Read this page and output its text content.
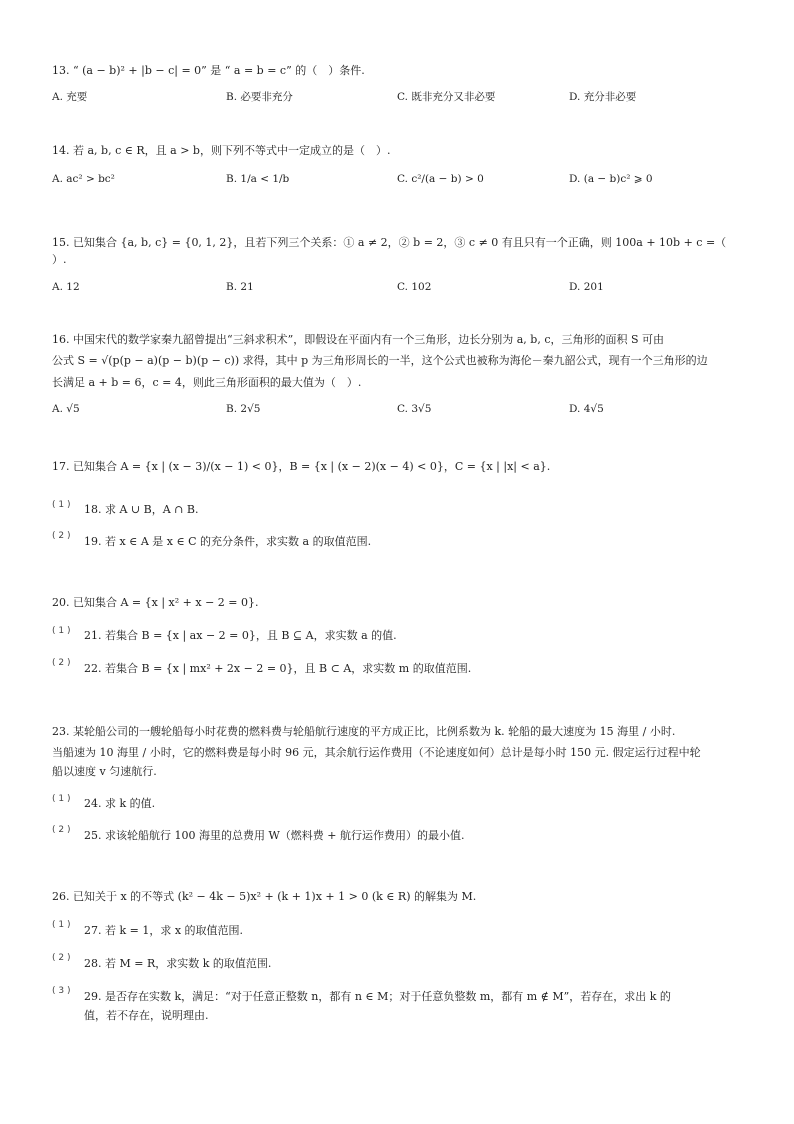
13. “ (a − b)² + |b − c| = 0” 是 “ a = b = c” 的（　）条件.
A. 充要	B. 必要非充分	C. 既非充分又非必要	D. 充分非必要
14. 若 a, b, c ∈ R，且 a > b，则下列不等式中一定成立的是（　）.
A. ac² > bc²	B. 1/a < 1/b	C. c²/(a − b) > 0	D. (a − b)c² ⩾ 0
15. 已知集合 {a, b, c} = {0, 1, 2}，且若下列三个关系：① a ≠ 2，② b = 2，③ c ≠ 0 有且只有一个正确，则 100a + 10b + c =（
）.
A. 12	B. 21	C. 102	D. 201
16. 中国宋代的数学家秦九韶曾提出“三斜求积术”，即假设在平面内有一个三角形，边长分别为 a, b, c，三角形的面积 S 可由
公式 S = √(p(p − a)(p − b)(p − c)) 求得，其中 p 为三角形周长的一半，这个公式也被称为海伦－秦九韶公式，现有一个三角形的边
长满足 a + b = 6，c = 4，则此三角形面积的最大值为（　）.
A. √5	B. 2√5	C. 3√5	D. 4√5
17. 已知集合 A = {x | (x − 3)/(x − 1) < 0}，B = {x | (x − 2)(x − 4) < 0}，C = {x | |x| < a}.
( 1 ) 18. 求 A ∪ B，A ∩ B.
( 2 ) 19. 若 x ∈ A 是 x ∈ C 的充分条件，求实数 a 的取值范围.
20. 已知集合 A = {x | x² + x − 2 = 0}.
( 1 ) 21. 若集合 B = {x | ax − 2 = 0}，且 B ⊆ A，求实数 a 的值.
( 2 ) 22. 若集合 B = {x | mx² + 2x − 2 = 0}，且 B ⊂ A，求实数 m 的取值范围.
23. 某轮船公司的一艘轮船每小时花费的燃料费与轮船航行速度的平方成正比，比例系数为 k. 轮船的最大速度为 15 海里 / 小时.
当船速为 10 海里 / 小时，它的燃料费是每小时 96 元，其余航行运作费用（不论速度如何）总计是每小时 150 元. 假定运行过程中轮
船以速度 v 匀速航行.
( 1 ) 24. 求 k 的值.
( 2 ) 25. 求该轮船航行 100 海里的总费用 W（燃料费 + 航行运作费用）的最小值.
26. 已知关于 x 的不等式 (k² − 4k − 5)x² + (k + 1)x + 1 > 0 (k ∈ R) 的解集为 M.
( 1 ) 27. 若 k = 1，求 x 的取值范围.
( 2 ) 28. 若 M = R，求实数 k 的取值范围.
( 3 ) 29. 是否存在实数 k，满足：“对于任意正整数 n，都有 n ∈ M；对于任意负整数 m，都有 m ∉ M”，若存在，求出 k 的
值，若不存在，说明理由.
